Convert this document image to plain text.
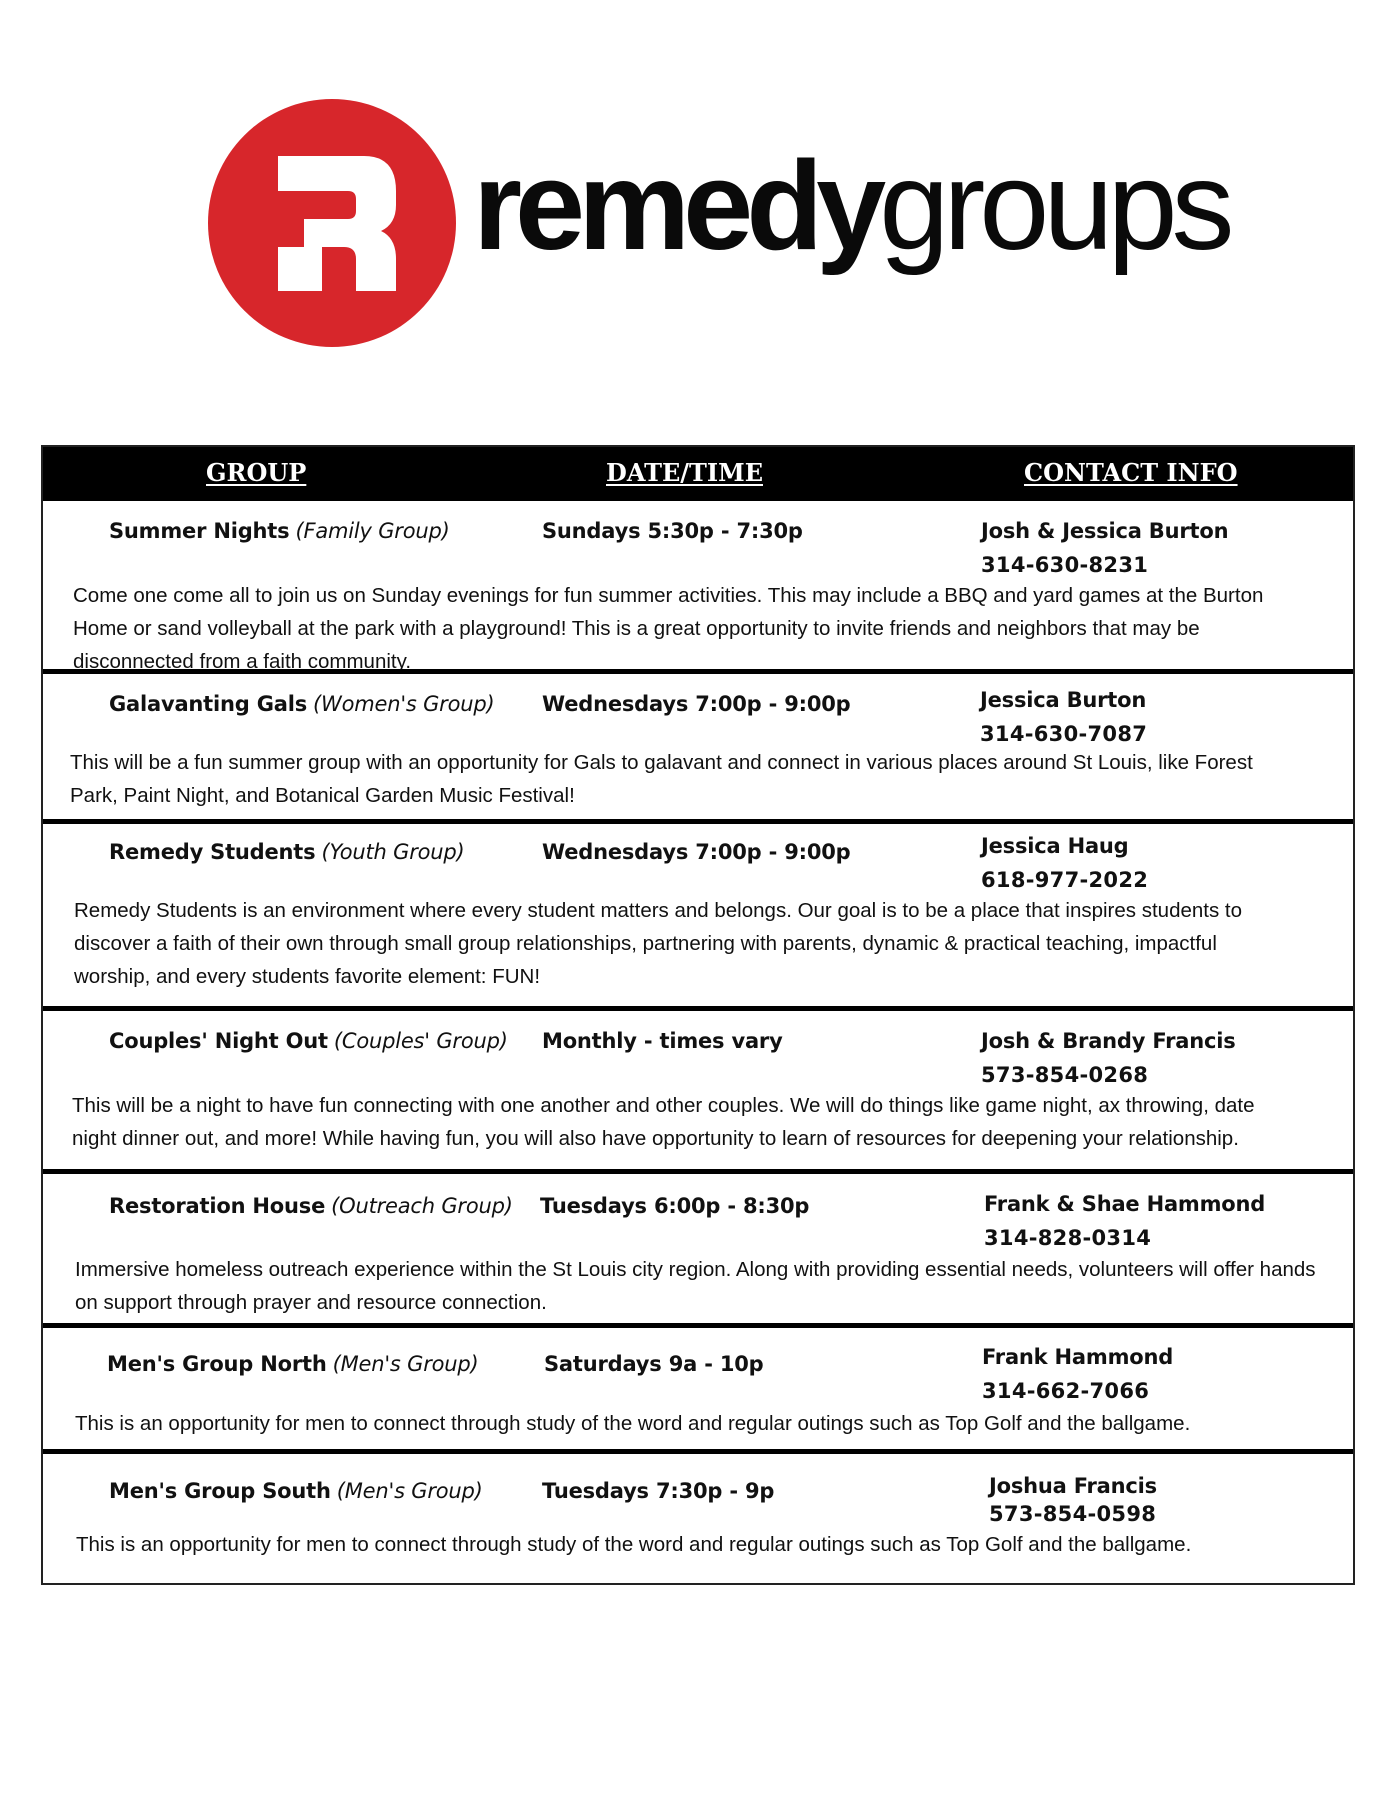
remedygroups
GROUP	DATE/TIME	CONTACT INFO
Summer Nights (Family Group)	Sundays 5:30p - 7:30p	Josh & Jessica Burton
314-630-8231
Come one come all to join us on Sunday evenings for fun summer activities. This may include a BBQ and yard games at the Burton
Home or sand volleyball at the park with a playground! This is a great opportunity to invite friends and neighbors that may be
disconnected from a faith community.
Galavanting Gals (Women's Group) Wednesdays 7:00p - 9:00p	Jessica Burton
314-630-7087
This will be a fun summer group with an opportunity for Gals to galavant and connect in various places around St Louis, like Forest
Park, Paint Night, and Botanical Garden Music Festival!
Remedy Students (Youth Group)	Wednesdays 7:00p - 9:00p	Jessica Haug
618-977-2022
Remedy Students is an environment where every student matters and belongs. Our goal is to be a place that inspires students to
discover a faith of their own through small group relationships, partnering with parents, dynamic & practical teaching, impactful
worship, and every students favorite element: FUN!
Couples' Night Out (Couples' Group) Monthly - times vary	Josh & Brandy Francis
573-854-0268
This will be a night to have fun connecting with one another and other couples. We will do things like game night, ax throwing, date
night dinner out, and more! While having fun, you will also have opportunity to learn of resources for deepening your relationship.
Restoration House (Outreach Group) Tuesdays 6:00p - 8:30p	Frank & Shae Hammond
314-828-0314
Immersive homeless outreach experience within the St Louis city region. Along with providing essential needs, volunteers will offer hands
on support through prayer and resource connection.
Men's Group North (Men's Group)	Saturdays 9a - 10p	Frank Hammond
314-662-7066
This is an opportunity for men to connect through study of the word and regular outings such as Top Golf and the ballgame.
Men's Group South (Men's Group)	Tuesdays 7:30p - 9p	Joshua Francis
573-854-0598
This is an opportunity for men to connect through study of the word and regular outings such as Top Golf and the ballgame.
